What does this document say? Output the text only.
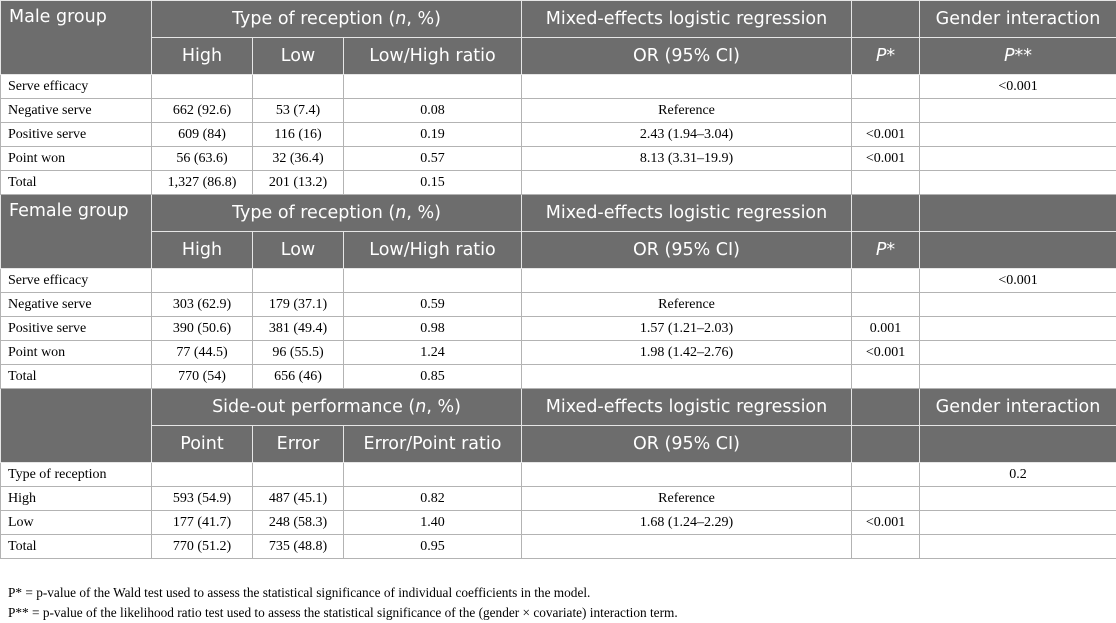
Male group	Type of reception (n, %)			Mixed-effects logistic regression		Gender interaction
	High	Low	Low/High ratio	OR (95% CI)	P*	P**
Serve efficacy						<0.001
Negative serve	662 (92.6)	53 (7.4)	0.08	Reference		
Positive serve	609 (84)	116 (16)	0.19	2.43 (1.94–3.04)	<0.001	
Point won	56 (63.6)	32 (36.4)	0.57	8.13 (3.31–19.9)	<0.001	
Total	1,327 (86.8)	201 (13.2)	0.15			
Female group	Type of reception (n, %)			Mixed-effects logistic regression		
	High	Low	Low/High ratio	OR (95% CI)	P*	
Serve efficacy						<0.001
Negative serve	303 (62.9)	179 (37.1)	0.59	Reference		
Positive serve	390 (50.6)	381 (49.4)	0.98	1.57 (1.21–2.03)	0.001	
Point won	77 (44.5)	96 (55.5)	1.24	1.98 (1.42–2.76)	<0.001	
Total	770 (54)	656 (46)	0.85			
	Side-out performance (n, %)			Mixed-effects logistic regression		Gender interaction
	Point	Error	Error/Point ratio	OR (95% CI)		
Type of reception						0.2
High	593 (54.9)	487 (45.1)	0.82	Reference		
Low	177 (41.7)	248 (58.3)	1.40	1.68 (1.24–2.29)	<0.001	
Total	770 (51.2)	735 (48.8)	0.95			
P* = p-value of the Wald test used to assess the statistical significance of individual coefficients in the model.
P** = p-value of the likelihood ratio test used to assess the statistical significance of the (gender × covariate) interaction term.
